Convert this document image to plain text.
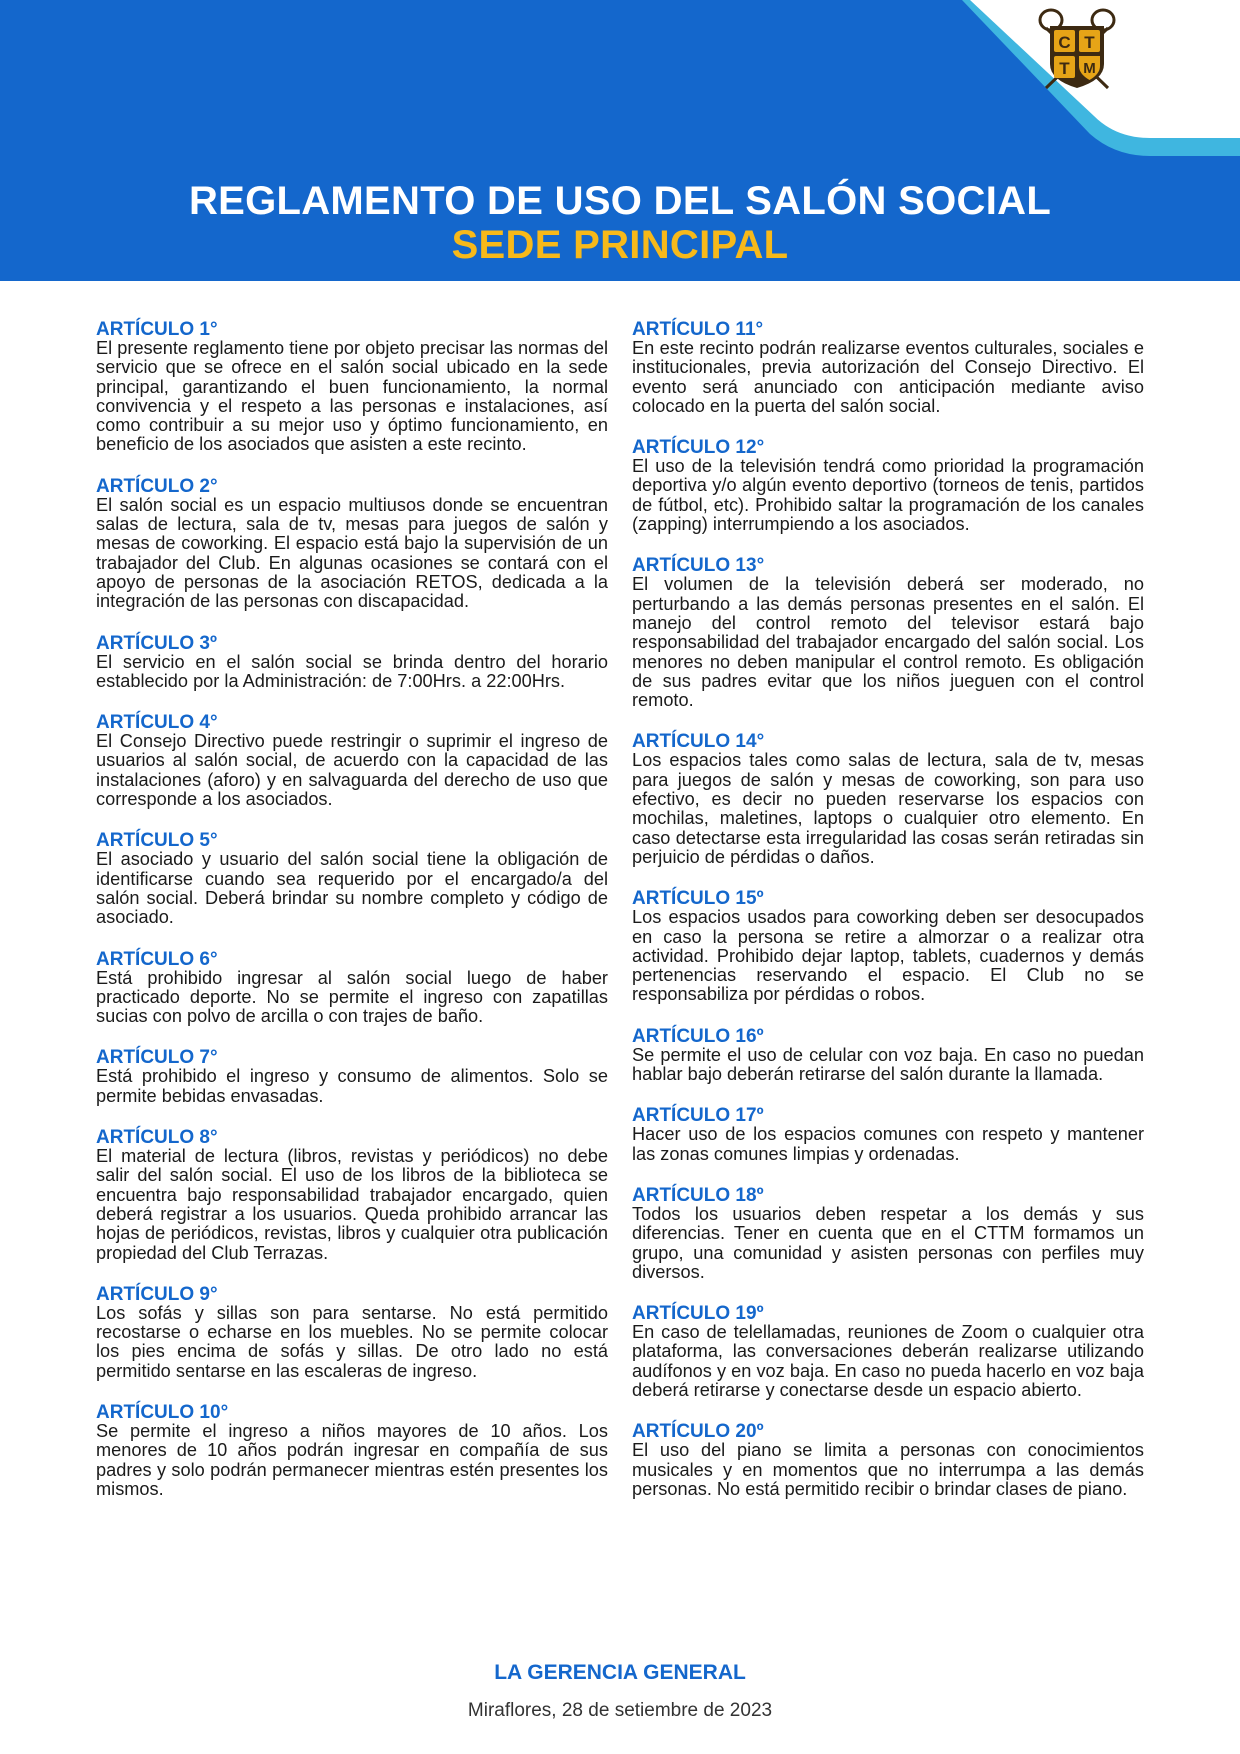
C T
T M
REGLAMENTO DE USO DEL SALÓN SOCIAL
SEDE PRINCIPAL

ARTÍCULO 1°

El presente reglamento tiene por objeto precisar las normas del servicio que se ofrece en el salón social ubicado en la sede principal, garantizando el buen funcionamiento, la normal convivencia y el respeto a las personas e instalaciones, así como contribuir a su mejor uso y óptimo funcionamiento, en beneficio de los asociados que asisten a este recinto.

ARTÍCULO 2°

El salón social es un espacio multiusos donde se encuentran salas de lectura, sala de tv, mesas para juegos de salón y mesas de coworking. El espacio está bajo la supervisión de un trabajador del Club. En algunas ocasiones se contará con el apoyo de personas de la asociación RETOS, dedicada a la integración de las personas con discapacidad.

ARTÍCULO 3º

El servicio en el salón social se brinda dentro del horario establecido por la Administración: de 7:00Hrs. a 22:00Hrs.

ARTÍCULO 4°

El Consejo Directivo puede restringir o suprimir el ingreso de usuarios al salón social, de acuerdo con la capacidad de las instalaciones (aforo) y en salvaguarda del derecho de uso que corresponde a los asociados.

ARTÍCULO 5°

El asociado y usuario del salón social tiene la obligación de identificarse cuando sea requerido por el encargado/a del salón social. Deberá brindar su nombre completo y código de asociado.

ARTÍCULO 6°

Está prohibido ingresar al salón social luego de haber practicado deporte. No se permite el ingreso con zapatillas sucias con polvo de arcilla o con trajes de baño.

ARTÍCULO 7°

Está prohibido el ingreso y consumo de alimentos. Solo se permite bebidas envasadas.

ARTÍCULO 8°

El material de lectura (libros, revistas y periódicos) no debe salir del salón social. El uso de los libros de la biblioteca se encuentra bajo responsabilidad trabajador encargado, quien deberá registrar a los usuarios. Queda prohibido arrancar las hojas de periódicos, revistas, libros y cualquier otra publicación propiedad del Club Terrazas.

ARTÍCULO 9°

Los sofás y sillas son para sentarse. No está permitido recostarse o echarse en los muebles. No se permite colocar los pies encima de sofás y sillas. De otro lado no está permitido sentarse en las escaleras de ingreso.

ARTÍCULO 10°

Se permite el ingreso a niños mayores de 10 años. Los menores de 10 años podrán ingresar en compañía de sus padres y solo podrán permanecer mientras estén presentes los mismos.

ARTÍCULO 11°

En este recinto podrán realizarse eventos culturales, sociales e institucionales, previa autorización del Consejo Directivo. El evento será anunciado con anticipación mediante aviso colocado en la puerta del salón social.

ARTÍCULO 12°

El uso de la televisión tendrá como prioridad la programación deportiva y/o algún evento deportivo (torneos de tenis, partidos de fútbol, etc). Prohibido saltar la programación de los canales (zapping) interrumpiendo a los asociados.

ARTÍCULO 13°

El volumen de la televisión deberá ser moderado, no perturbando a las demás personas presentes en el salón. El manejo del control remoto del televisor estará bajo responsabilidad del trabajador encargado del salón social. Los menores no deben manipular el control remoto. Es obligación de sus padres evitar que los niños jueguen con el control remoto.

ARTÍCULO 14°

Los espacios tales como salas de lectura, sala de tv, mesas para juegos de salón y mesas de coworking, son para uso efectivo, es decir no pueden reservarse los espacios con mochilas, maletines, laptops o cualquier otro elemento. En caso detectarse esta irregularidad las cosas serán retiradas sin perjuicio de pérdidas o daños.

ARTÍCULO 15º

Los espacios usados para coworking deben ser desocupados en caso la persona se retire a almorzar o a realizar otra actividad. Prohibido dejar laptop, tablets, cuadernos y demás pertenencias reservando el espacio. El Club no se responsabiliza por pérdidas o robos.

ARTÍCULO 16º

Se permite el uso de celular con voz baja. En caso no puedan hablar bajo deberán retirarse del salón durante la llamada.

ARTÍCULO 17º

Hacer uso de los espacios comunes con respeto y mantener las zonas comunes limpias y ordenadas.

ARTÍCULO 18º

Todos los usuarios deben respetar a los demás y sus diferencias. Tener en cuenta que en el CTTM formamos un grupo, una comunidad y asisten personas con perfiles muy diversos.

ARTÍCULO 19º

En caso de telellamadas, reuniones de Zoom o cualquier otra plataforma, las conversaciones deberán realizarse utilizando audífonos y en voz baja. En caso no pueda hacerlo en voz baja deberá retirarse y conectarse desde un espacio abierto.

ARTÍCULO 20º

El uso del piano se limita a personas con conocimientos musicales y en momentos que no interrumpa a las demás personas. No está permitido recibir o brindar clases de piano.

LA GERENCIA GENERAL
Miraflores, 28 de setiembre de 2023
